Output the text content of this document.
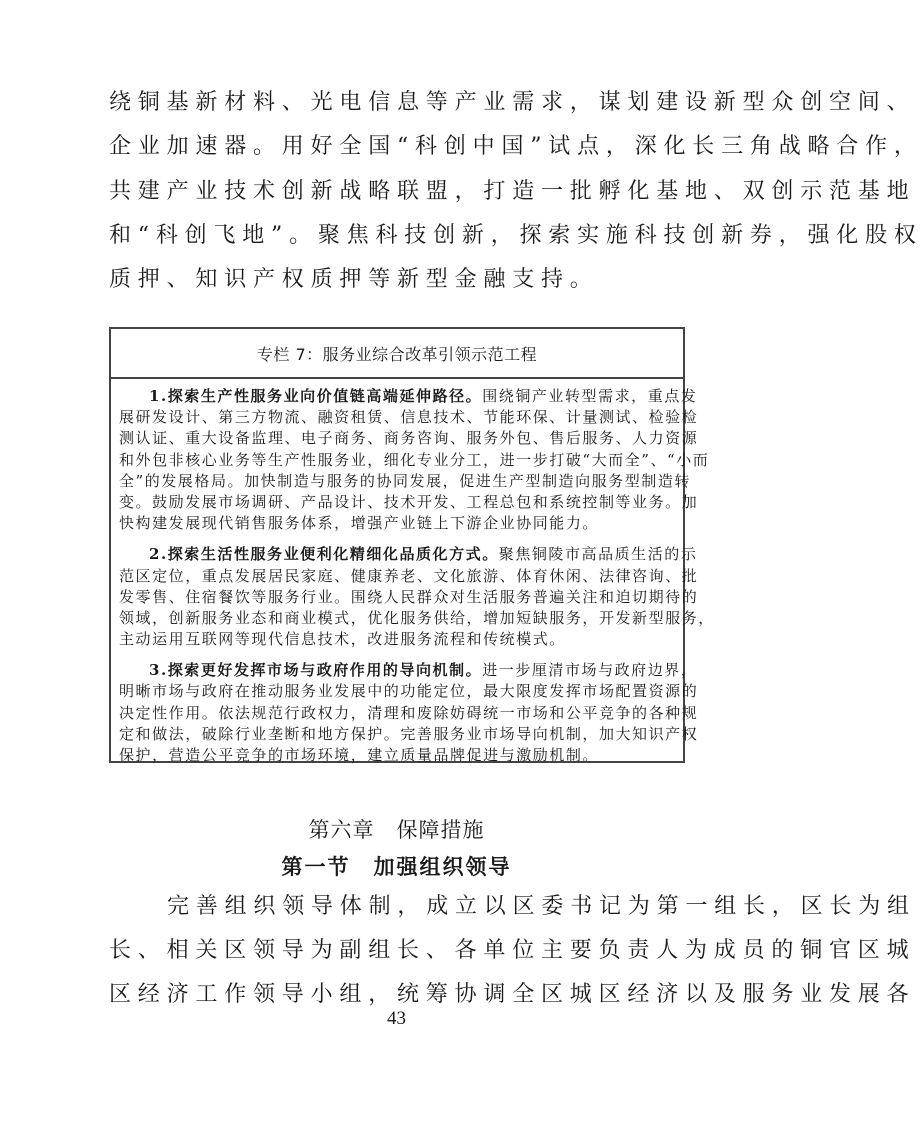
绕铜基新材料、光电信息等产业需求，谋划建设新型众创空间、
企业加速器。用好全国“科创中国”试点，深化长三角战略合作，
共建产业技术创新战略联盟，打造一批孵化基地、双创示范基地
和“科创飞地”。聚焦科技创新，探索实施科技创新券，强化股权
质押、知识产权质押等新型金融支持。
专栏 7：服务业综合改革引领示范工程
1.探索生产性服务业向价值链高端延伸路径。围绕铜产业转型需求，重点发
展研发设计、第三方物流、融资租赁、信息技术、节能环保、计量测试、检验检
测认证、重大设备监理、电子商务、商务咨询、服务外包、售后服务、人力资源
和外包非核心业务等生产性服务业，细化专业分工，进一步打破“大而全”、“小而
全”的发展格局。加快制造与服务的协同发展，促进生产型制造向服务型制造转
变。鼓励发展市场调研、产品设计、技术开发、工程总包和系统控制等业务。加
快构建发展现代销售服务体系，增强产业链上下游企业协同能力。
2.探索生活性服务业便利化精细化品质化方式。聚焦铜陵市高品质生活的示
范区定位，重点发展居民家庭、健康养老、文化旅游、体育休闲、法律咨询、批
发零售、住宿餐饮等服务行业。围绕人民群众对生活服务普遍关注和迫切期待的
领域，创新服务业态和商业模式，优化服务供给，增加短缺服务，开发新型服务，
主动运用互联网等现代信息技术，改进服务流程和传统模式。
3.探索更好发挥市场与政府作用的导向机制。进一步厘清市场与政府边界，
明晰市场与政府在推动服务业发展中的功能定位，最大限度发挥市场配置资源的
决定性作用。依法规范行政权力，清理和废除妨碍统一市场和公平竞争的各种规
定和做法，破除行业垄断和地方保护。完善服务业市场导向机制，加大知识产权
保护，营造公平竞争的市场环境，建立质量品牌促进与激励机制。
第六章　保障措施
第一节　加强组织领导
完善组织领导体制，成立以区委书记为第一组长，区长为组
长、相关区领导为副组长、各单位主要负责人为成员的铜官区城
区经济工作领导小组，统筹协调全区城区经济以及服务业发展各
43
